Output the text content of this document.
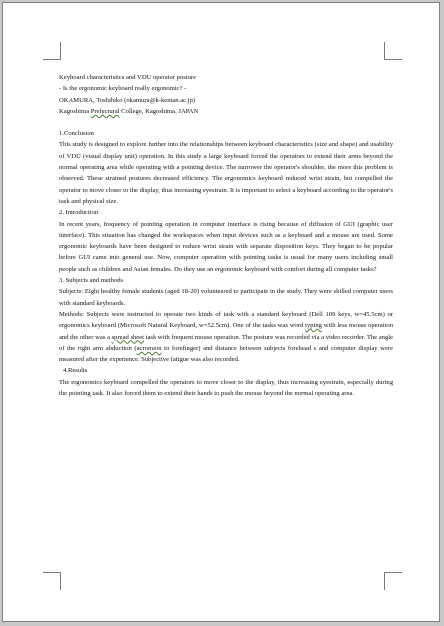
Keyboard characteristics and VDU operator posture

- Is the ergonomic keyboard really ergonomic? -

OKAMURA, Toshihiko (okamura@k-kentan.ac.jp)

Kagoshima Prefectural College, Kagoshima, JAPAN

1.Conclusion

This study is designed to explore further into the relationships between keyboard characteristics (size and shape) and usability of VDU (visual display unit) operation. In this study a large keyboard forced the operators to extend their arms beyond the normal operating area while operating with a pointing device. The narrower the operator's shoulder, the more this problem is observed. These strained postures decreased efficiency. The ergonomics keyboard reduced wrist strain, but compelled the operator to move closer to the display, thus increasing eyestrain. It is important to select a keyboard according to the operator's task and physical size.

2. Introduction

In recent years, frequency of pointing operation in computer interface is rising because of diffusion of GUI (graphic user interface). This situation has changed the workspaces when input devices such as a keyboard and a mouse are used. Some ergonomic keyboards have been designed to reduce wrist strain with separate disposition keys. They began to be popular before GUI came into general use. Now, computer operation with pointing tasks is usual for many users including small people such as children and Asian females. Do they use an ergonomic keyboard with comfort during all computer tasks?

3. Subjects and methods

Subjects: Eight healthy female students (aged 18-20) volunteered to participate in the study. They were skilled computer users with standard keyboards.

Methods: Subjects were instructed to operate two kinds of task with a standard keyboard (Dell 109 keys, w=45.5cm) or ergonomics keyboard (Microsoft Natural Keyboard, w=52.5cm). One of the tasks was word typing with less mouse operation and the other was a spread sheet task with frequent mouse operation. The posture was recorded via a video recorder. The angle of the right arm abduction (acromion to forefinger) and distance between subjects forehead s and computer display were measured after the experience. Subjective fatigue was also recorded.

4.Results

The ergonomics keyboard compelled the operators to move closer to the display, thus increasing eyestrain, especially during the pointing task. It also forced them to extend their hands to push the mouse beyond the normal operating area.
